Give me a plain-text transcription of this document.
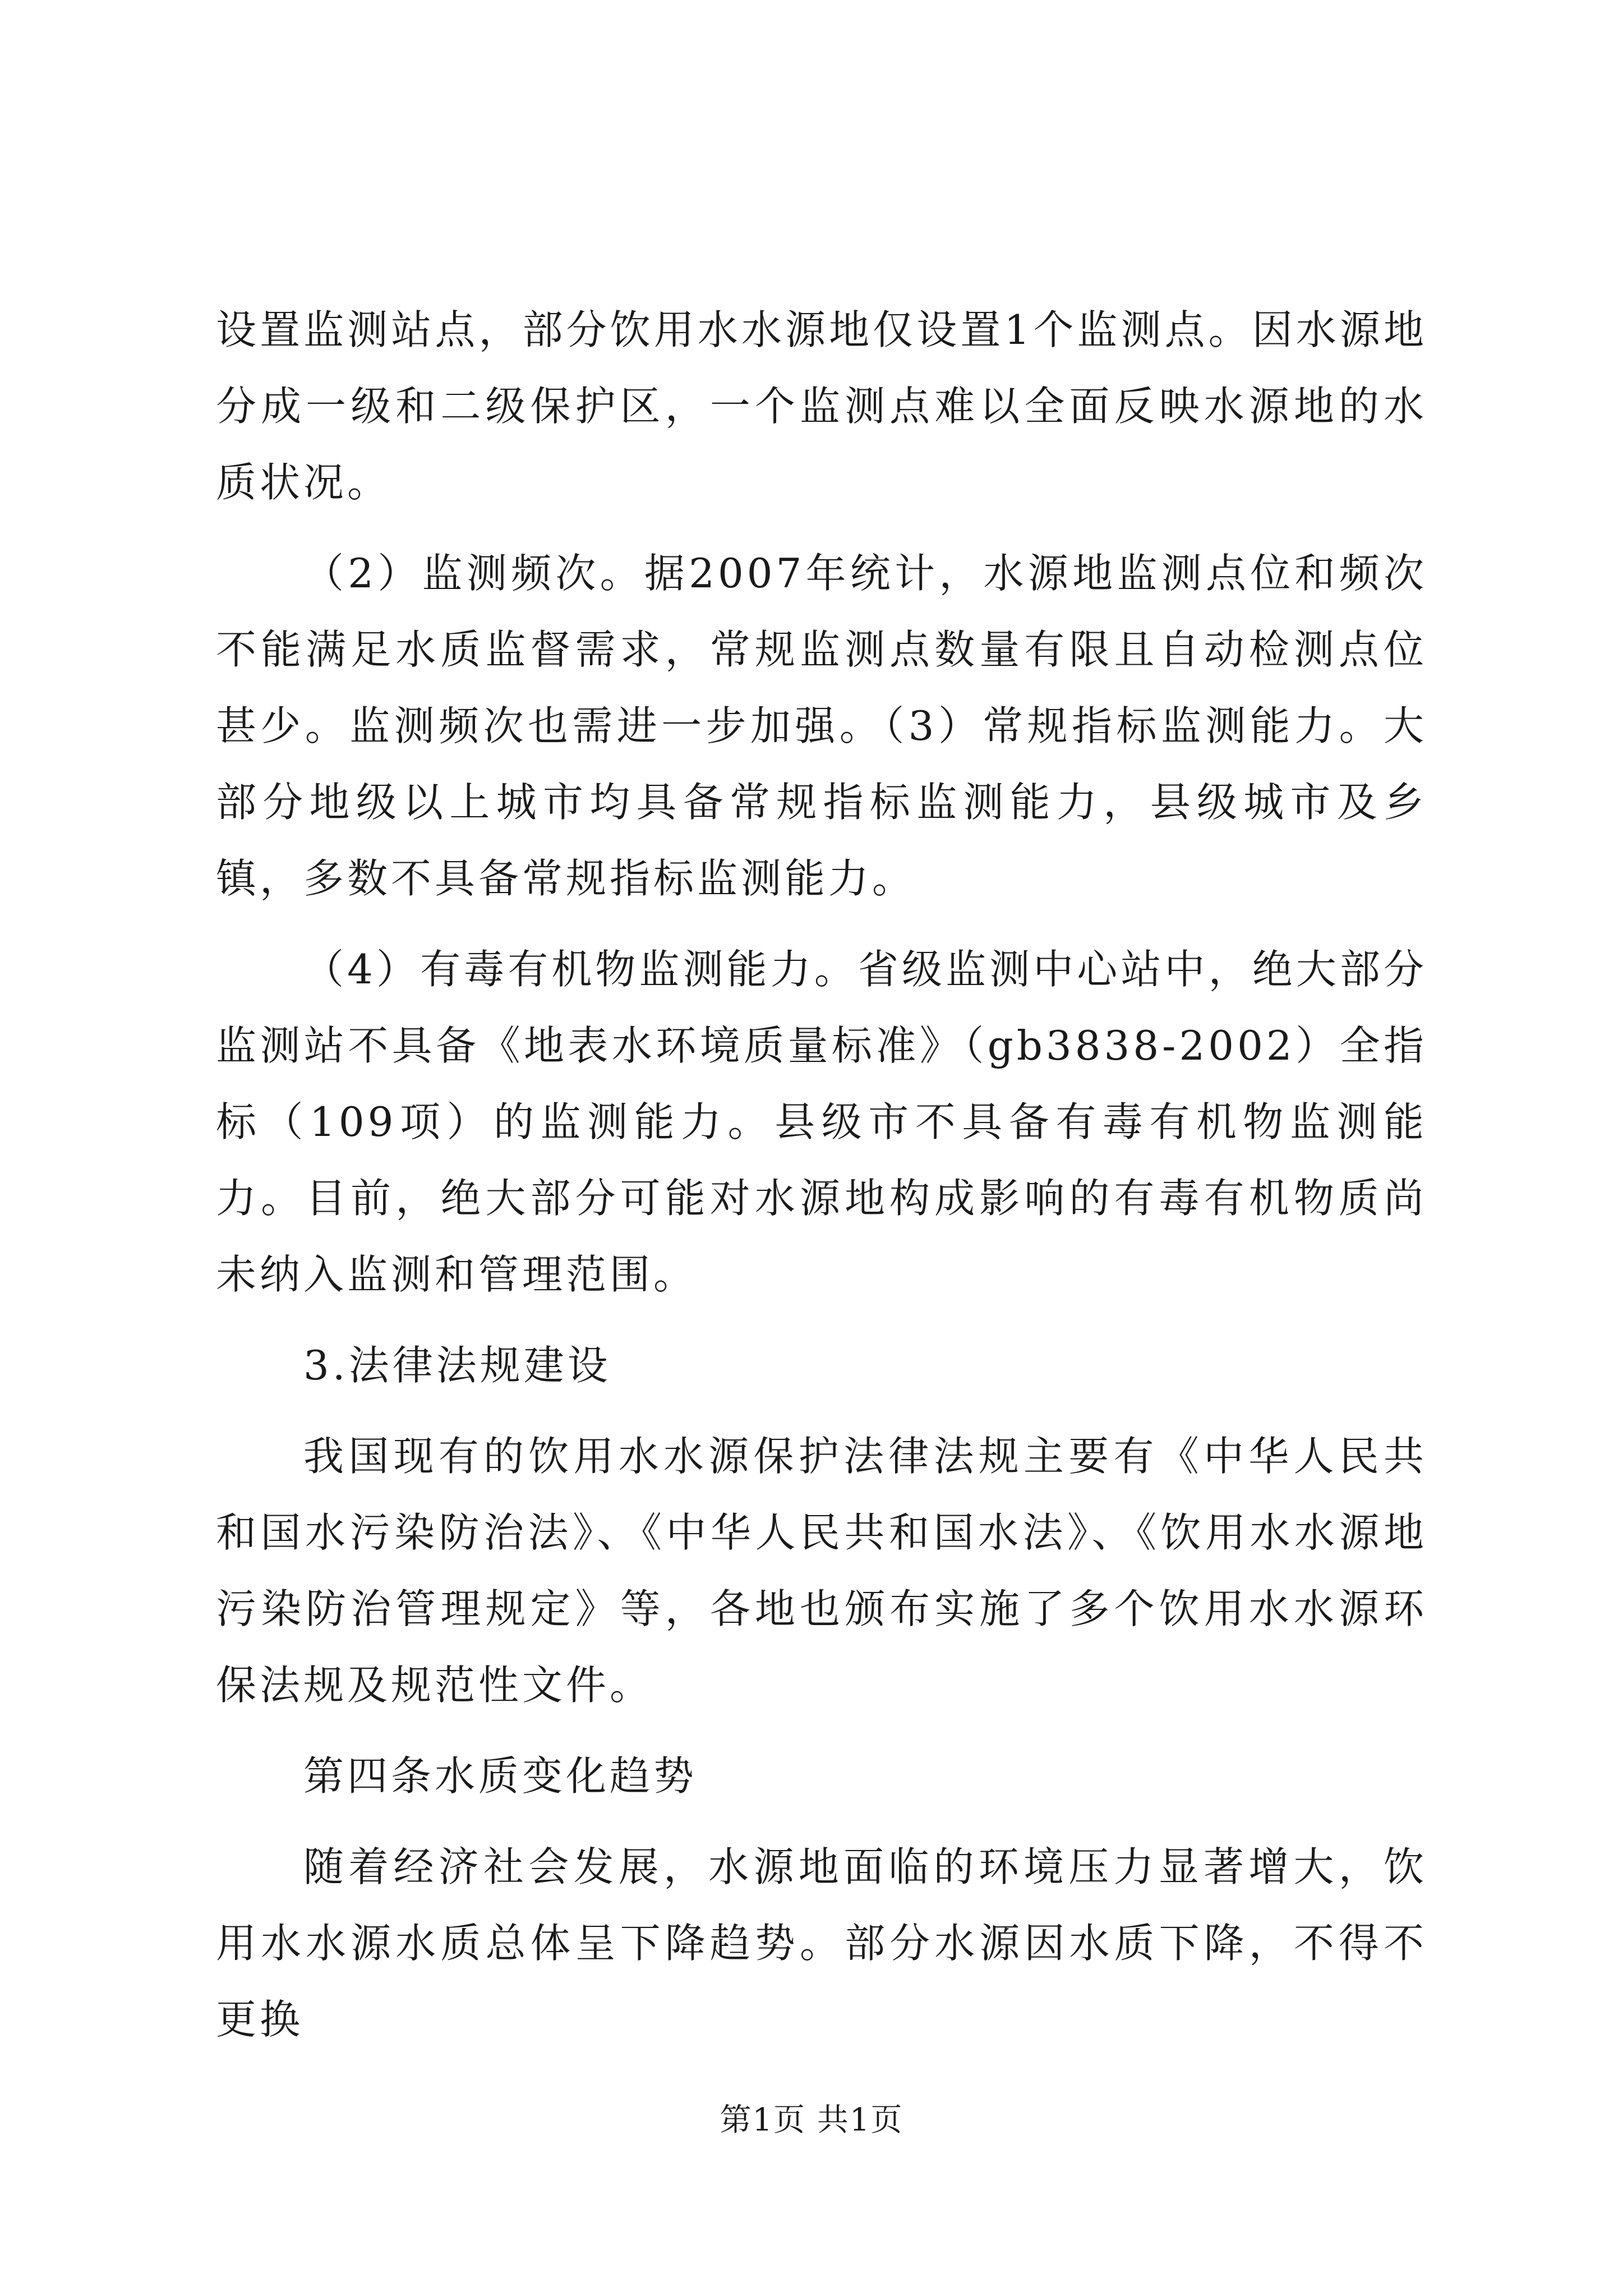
设置监测站点，部分饮用水水源地仅设置1个监测点。因水源地分成一级和二级保护区，一个监测点难以全面反映水源地的水质状况。

（2）监测频次。据2007年统计，水源地监测点位和频次不能满足水质监督需求，常规监测点数量有限且自动检测点位甚少。监测频次也需进一步加强。（3）常规指标监测能力。大部分地级以上城市均具备常规指标监测能力，县级城市及乡镇，多数不具备常规指标监测能力。

（4）有毒有机物监测能力。省级监测中心站中，绝大部分监测站不具备《地表水环境质量标准》（gb3838-2002）全指标（109项）的监测能力。县级市不具备有毒有机物监测能力。目前，绝大部分可能对水源地构成影响的有毒有机物质尚未纳入监测和管理范围。

3.法律法规建设

我国现有的饮用水水源保护法律法规主要有《中华人民共和国水污染防治法》、《中华人民共和国水法》、《饮用水水源地污染防治管理规定》等，各地也颁布实施了多个饮用水水源环保法规及规范性文件。

第四条水质变化趋势

随着经济社会发展，水源地面临的环境压力显著增大，饮用水水源水质总体呈下降趋势。部分水源因水质下降，不得不更换

第1页 共1页
